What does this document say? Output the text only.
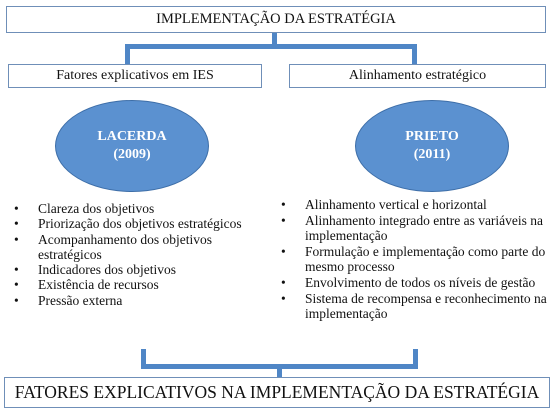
IMPLEMENTAÇÃO DA ESTRATÉGIA
Fatores explicativos em IES	Alinhamento estratégico
LACERDA
(2009)
PRIETO
(2011)
• Clareza dos objetivos
• Priorização dos objetivos estratégicos
• Acompanhamento dos objetivos estratégicos
• Indicadores dos objetivos
• Existência de recursos
• Pressão externa
• Alinhamento vertical e horizontal
• Alinhamento integrado entre as variáveis na implementação
• Formulação e implementação como parte do mesmo processo
• Envolvimento de todos os níveis de gestão
• Sistema de recompensa e reconhecimento na implementação
FATORES EXPLICATIVOS NA IMPLEMENTAÇÃO DA ESTRATÉGIA
